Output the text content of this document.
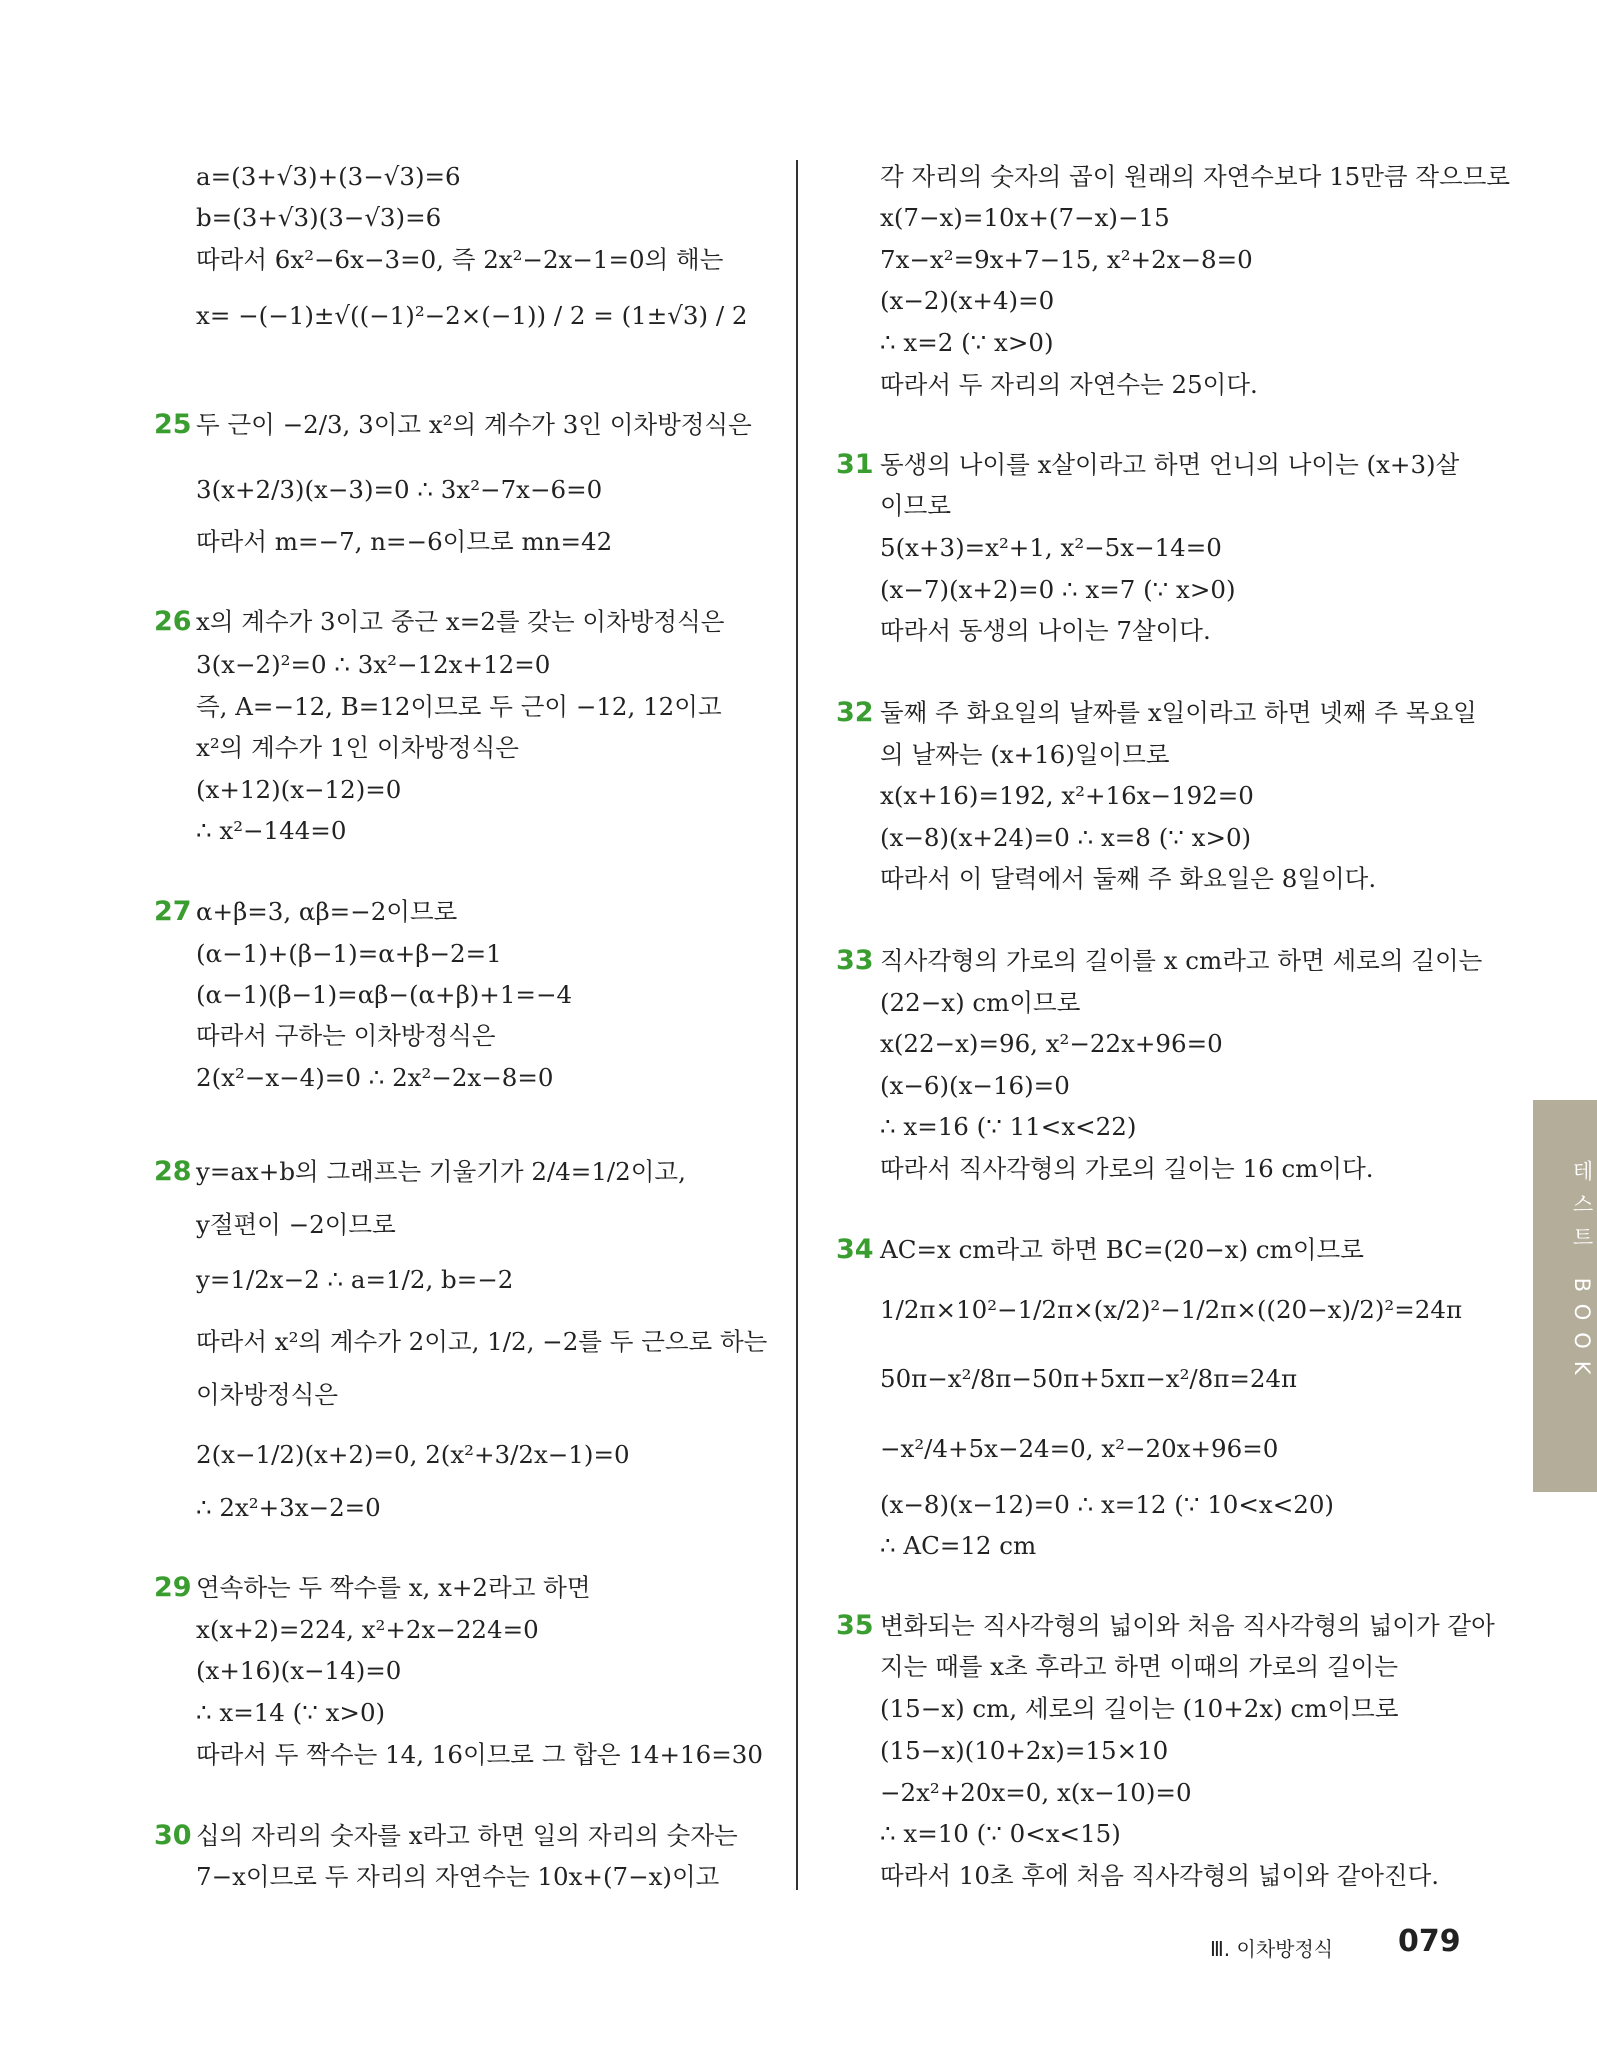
a=(3+√3)+(3−√3)=6
b=(3+√3)(3−√3)=6
따라서 6x²−6x−3=0, 즉 2x²−2x−1=0의 해는
x= −(−1)±√((−1)²−2×(−1)) / 2 = (1±√3) / 2
25 두 근이 −2/3, 3이고 x²의 계수가 3인 이차방정식은
3(x+2/3)(x−3)=0 ∴ 3x²−7x−6=0
따라서 m=−7, n=−6이므로 mn=42
26 x의 계수가 3이고 중근 x=2를 갖는 이차방정식은
3(x−2)²=0 ∴ 3x²−12x+12=0
즉, A=−12, B=12이므로 두 근이 −12, 12이고
x²의 계수가 1인 이차방정식은
(x+12)(x−12)=0
∴ x²−144=0
27 α+β=3, αβ=−2이므로
(α−1)+(β−1)=α+β−2=1
(α−1)(β−1)=αβ−(α+β)+1=−4
따라서 구하는 이차방정식은
2(x²−x−4)=0 ∴ 2x²−2x−8=0
28 y=ax+b의 그래프는 기울기가 2/4=1/2이고,
y절편이 −2이므로
y=1/2x−2 ∴ a=1/2, b=−2
따라서 x²의 계수가 2이고, 1/2, −2를 두 근으로 하는
이차방정식은
2(x−1/2)(x+2)=0, 2(x²+3/2x−1)=0
∴ 2x²+3x−2=0
29 연속하는 두 짝수를 x, x+2라고 하면
x(x+2)=224, x²+2x−224=0
(x+16)(x−14)=0
∴ x=14 (∵ x>0)
따라서 두 짝수는 14, 16이므로 그 합은 14+16=30
30 십의 자리의 숫자를 x라고 하면 일의 자리의 숫자는
7−x이므로 두 자리의 자연수는 10x+(7−x)이고
각 자리의 숫자의 곱이 원래의 자연수보다 15만큼 작으므로
x(7−x)=10x+(7−x)−15
7x−x²=9x+7−15, x²+2x−8=0
(x−2)(x+4)=0
∴ x=2 (∵ x>0)
따라서 두 자리의 자연수는 25이다.
31 동생의 나이를 x살이라고 하면 언니의 나이는 (x+3)살
이므로
5(x+3)=x²+1, x²−5x−14=0
(x−7)(x+2)=0 ∴ x=7 (∵ x>0)
따라서 동생의 나이는 7살이다.
32 둘째 주 화요일의 날짜를 x일이라고 하면 넷째 주 목요일
의 날짜는 (x+16)일이므로
x(x+16)=192, x²+16x−192=0
(x−8)(x+24)=0 ∴ x=8 (∵ x>0)
따라서 이 달력에서 둘째 주 화요일은 8일이다.
33 직사각형의 가로의 길이를 x cm라고 하면 세로의 길이는
(22−x) cm이므로
x(22−x)=96, x²−22x+96=0
(x−6)(x−16)=0
∴ x=16 (∵ 11<x<22)
따라서 직사각형의 가로의 길이는 16 cm이다.
34 AC=x cm라고 하면 BC=(20−x) cm이므로
1/2π×10²−1/2π×(x/2)²−1/2π×((20−x)/2)²=24π
50π−x²/8π−50π+5xπ−x²/8π=24π
−x²/4+5x−24=0, x²−20x+96=0
(x−8)(x−12)=0 ∴ x=12 (∵ 10<x<20)
∴ AC=12 cm
35 변화되는 직사각형의 넓이와 처음 직사각형의 넓이가 같아
지는 때를 x초 후라고 하면 이때의 가로의 길이는
(15−x) cm, 세로의 길이는 (10+2x) cm이므로
(15−x)(10+2x)=15×10
−2x²+20x=0, x(x−10)=0
∴ x=10 (∵ 0<x<15)
따라서 10초 후에 처음 직사각형의 넓이와 같아진다.
테스트 BOOK
Ⅲ. 이차방정식 079
